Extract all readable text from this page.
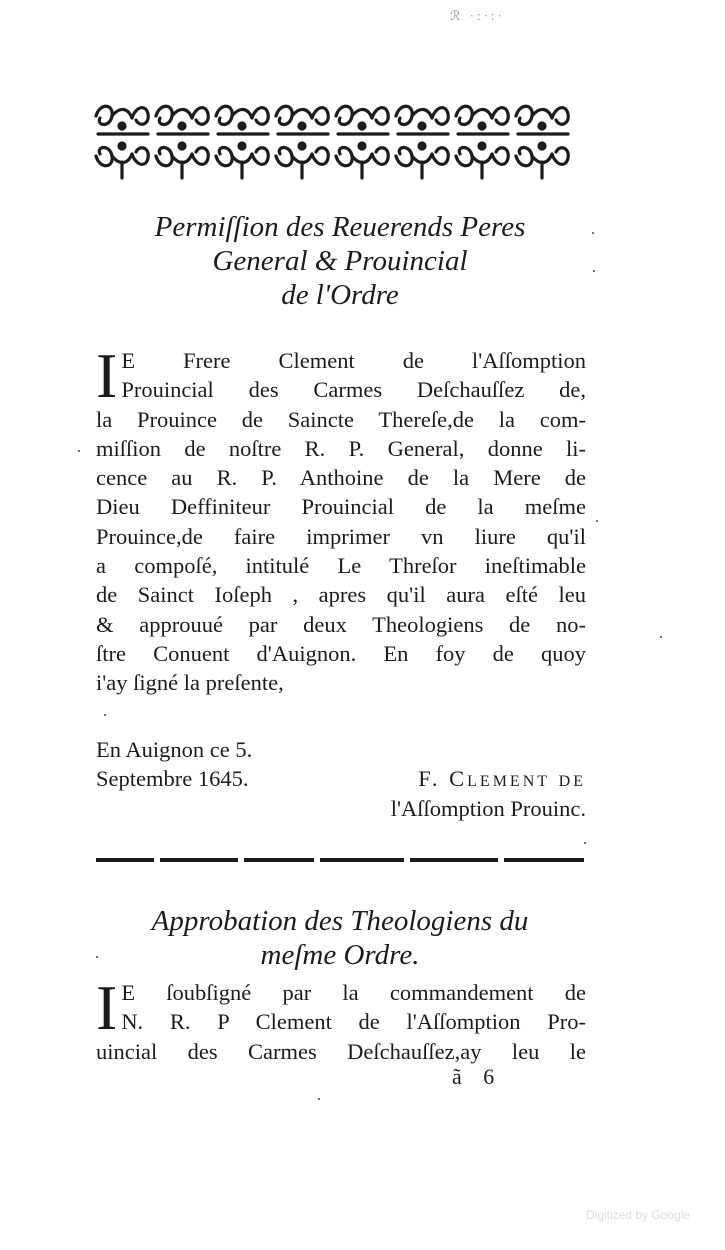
ℛ ·:·:·
Permiſſion des Reuerends Peres
General & Prouincial
de l'Ordre
I E Frere Clement de l'Aſſomption
Prouincial des Carmes Deſchauſſez de,
la Prouince de Saincte Thereſe,de la com-
miſſion de noſtre R. P. General, donne li-
cence au R. P. Anthoine de la Mere de
Dieu Deffiniteur Prouincial de la meſme
Prouince,de faire imprimer vn liure qu'il
a compoſé, intitulé Le Threſor ineſtimable
de Sainct Ioſeph , apres qu'il aura eſté leu
& approuué par deux Theologiens de no-
ſtre Conuent d'Auignon. En foy de quoy
i'ay ſigné la preſente,
En Auignon ce 5.
Septembre 1645.	F. Clement de
l'Aſſomption Prouinc.
Approbation des Theologiens du
meſme Ordre.
I E ſoubſigné par la commandement de
N. R. P Clement de l'Aſſomption Pro-
uincial des Carmes Deſchauſſez,ay leu le
ã 6
Digitized by Google
